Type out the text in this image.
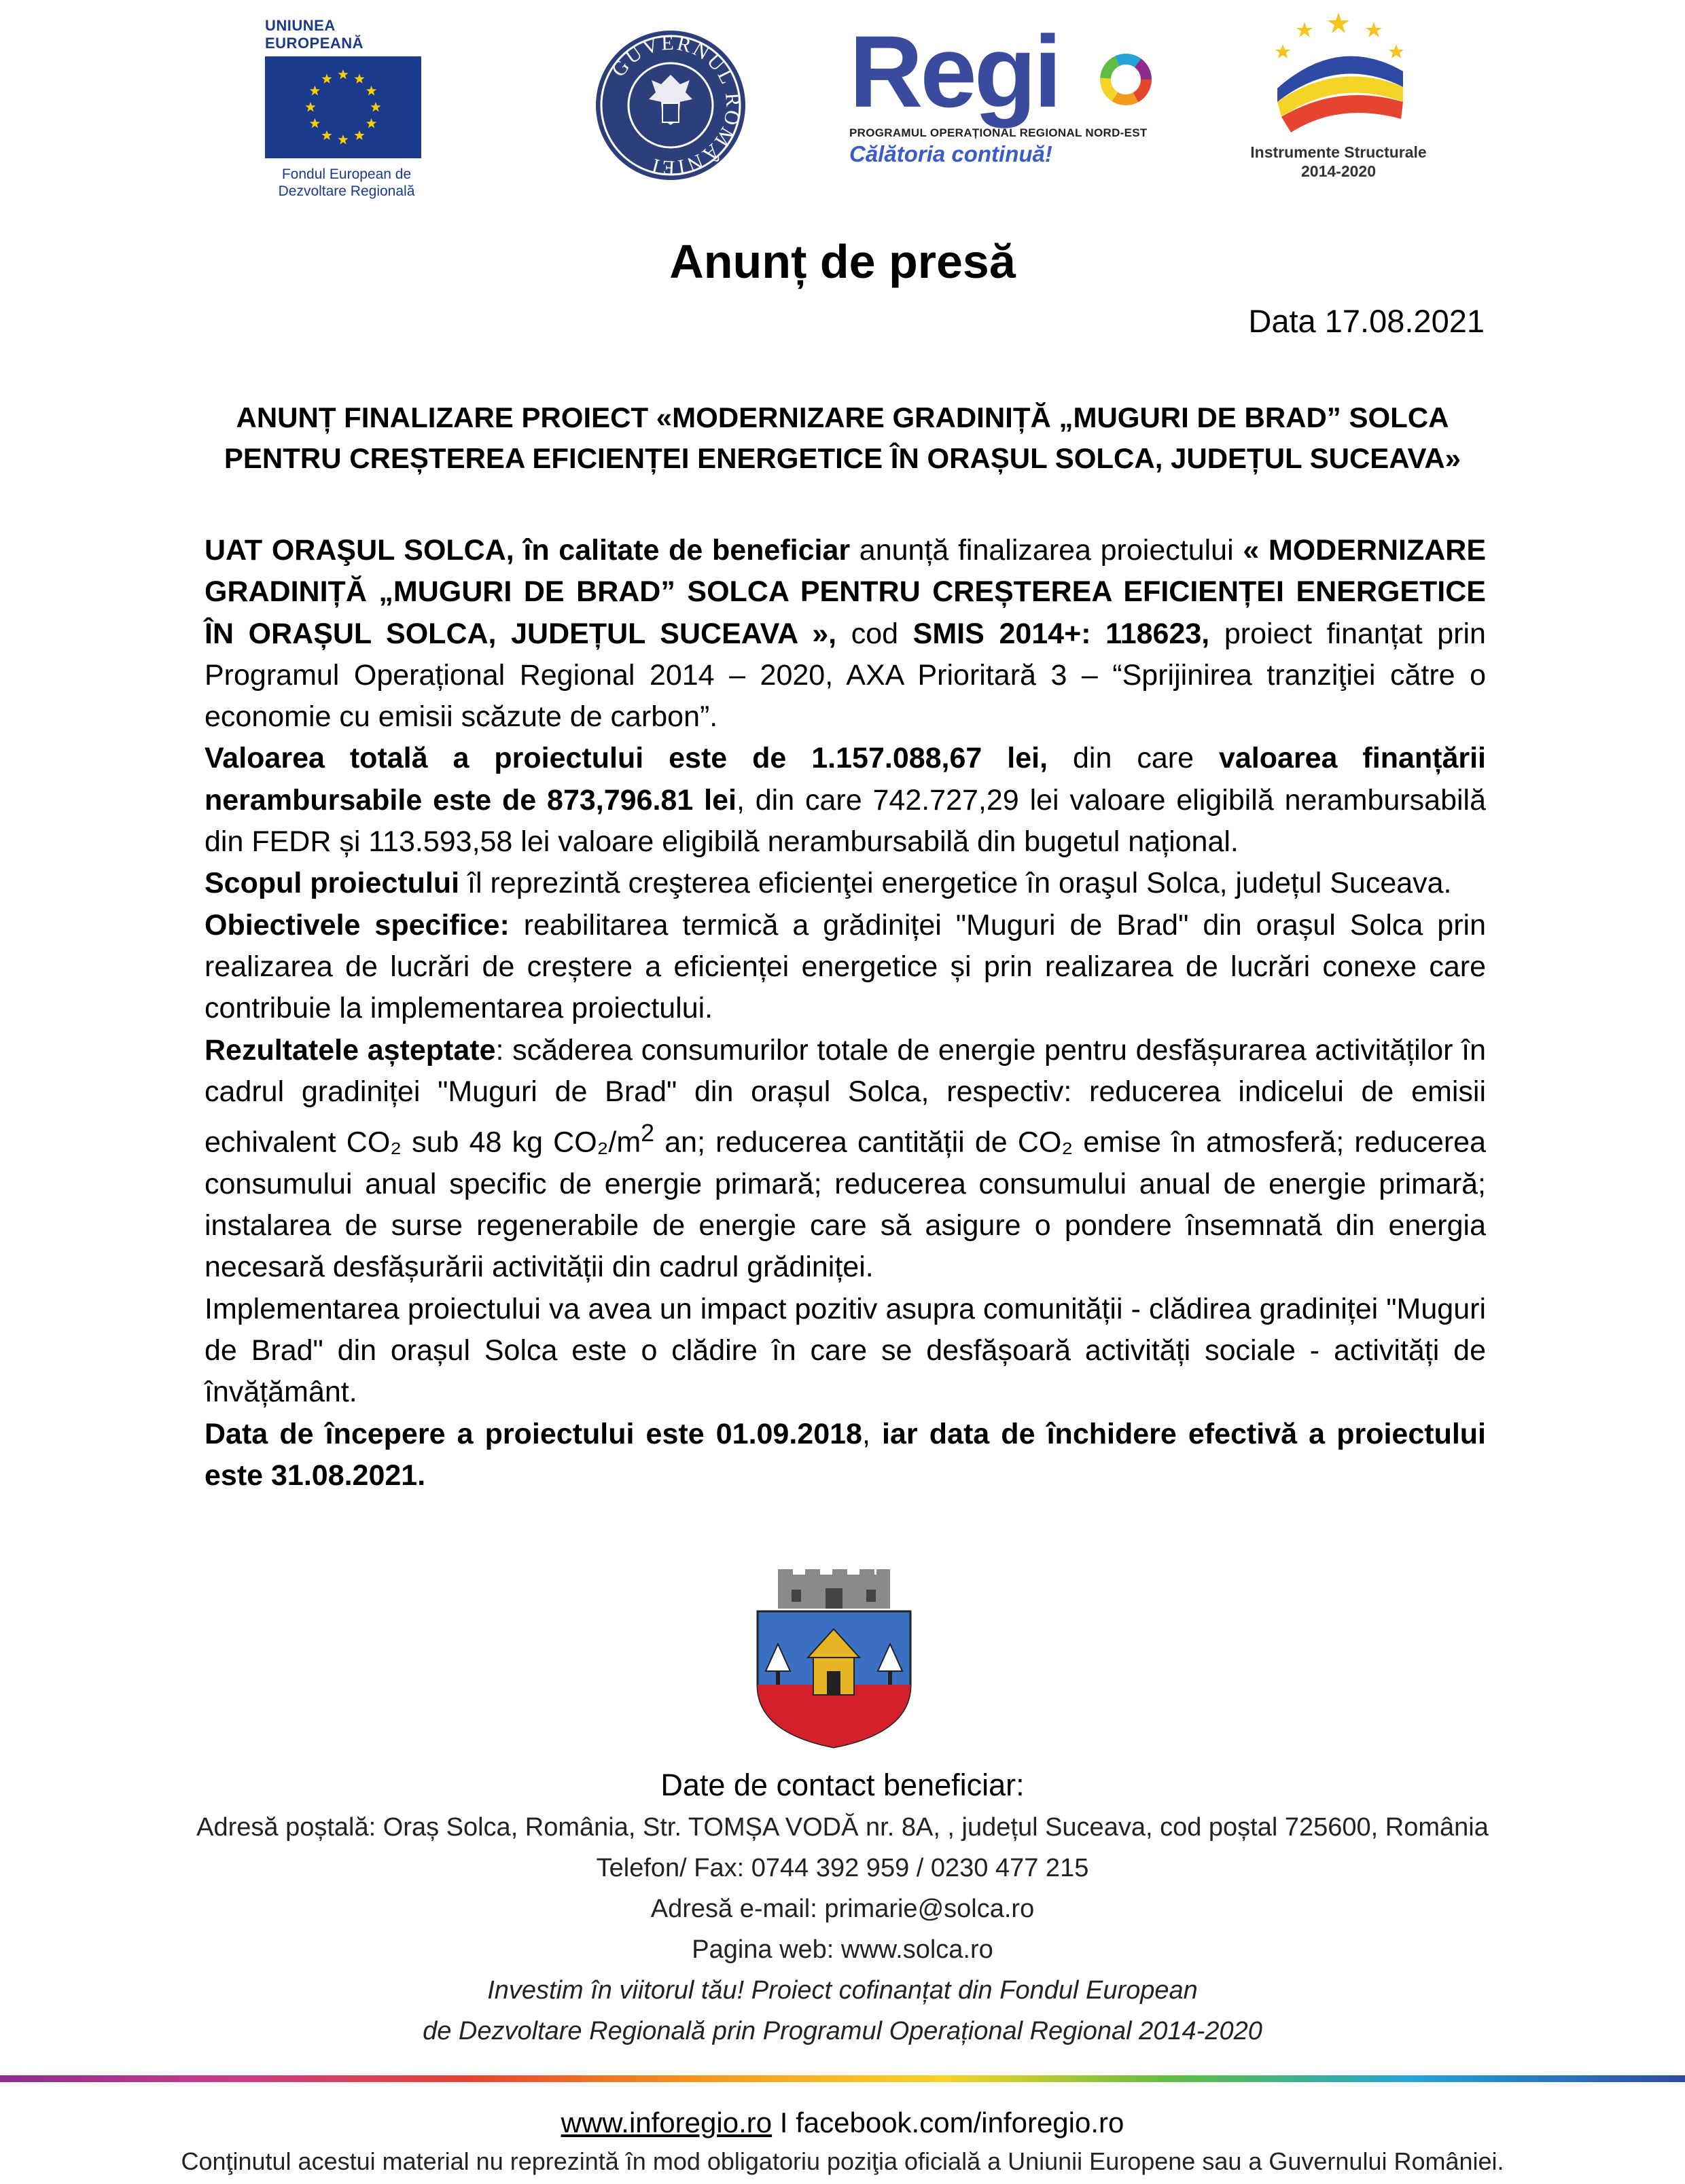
UNIUNEA EUROPEANĂ
Fondul European de
Dezvoltare Regională
GUVERNUL ROMÂNIEI
Regi
PROGRAMUL OPERAȚIONAL REGIONAL NORD-EST
Călătoria continuă!	Instrumente Structurale
2014-2020
Anunț de presă
Data 17.08.2021
ANUNȚ FINALIZARE PROIECT «MODERNIZARE GRADINIȚĂ „MUGURI DE BRAD” SOLCA
PENTRU CREȘTEREA EFICIENȚEI ENERGETICE ÎN ORAȘUL SOLCA, JUDEȚUL SUCEAVA»

UAT ORAŞUL SOLCA, în calitate de beneficiar anunță finalizarea proiectului « MODERNIZARE GRADINIȚĂ „MUGURI DE BRAD” SOLCA PENTRU CREȘTEREA EFICIENȚEI ENERGETICE ÎN ORAȘUL SOLCA, JUDEȚUL SUCEAVA », cod SMIS 2014+: 118623, proiect finanțat prin Programul Operațional Regional 2014 – 2020, AXA Prioritară 3 – “Sprijinirea tranziţiei către o economie cu emisii scăzute de carbon”.

Valoarea totală a proiectului este de 1.157.088,67 lei, din care valoarea finanțării nerambursabile este de 873,796.81 lei, din care 742.727,29 lei valoare eligibilă nerambursabilă din FEDR și 113.593,58 lei valoare eligibilă nerambursabilă din bugetul național.

Scopul proiectului îl reprezintă creşterea eficienţei energetice în oraşul Solca, județul Suceava.

Obiectivele specifice: reabilitarea termică a grădiniței "Muguri de Brad" din orașul Solca prin realizarea de lucrări de creștere a eficienței energetice și prin realizarea de lucrări conexe care contribuie la implementarea proiectului.

Rezultatele așteptate: scăderea consumurilor totale de energie pentru desfășurarea activităților în cadrul gradiniței "Muguri de Brad" din orașul Solca, respectiv: reducerea indicelui de emisii echivalent CO₂ sub 48 kg CO₂/$m^2$ an; reducerea cantității de CO₂ emise în atmosferă; reducerea consumului anual specific de energie primară; reducerea consumului anual de energie primară; instalarea de surse regenerabile de energie care să asigure o pondere însemnată din energia necesară desfășurării activității din cadrul grădiniței.

Implementarea proiectului va avea un impact pozitiv asupra comunității - clădirea gradiniței "Muguri de Brad" din orașul Solca este o clădire în care se desfășoară activități sociale - activități de învățământ.

Data de începere a proiectului este 01.09.2018, iar data de închidere efectivă a proiectului este 31.08.2021.

Date de contact beneficiar:
Adresă poștală: Oraș Solca, România, Str. TOMȘA VODĂ nr. 8A, , județul Suceava, cod poștal 725600, România
Telefon/ Fax: 0744 392 959 / 0230 477 215
Adresă e-mail: primarie@solca.ro
Pagina web: www.solca.ro
Investim în viitorul tău! Proiect cofinanțat din Fondul European
de Dezvoltare Regională prin Programul Operațional Regional 2014-2020
www.inforegio.ro I facebook.com/inforegio.ro
Conţinutul acestui material nu reprezintă în mod obligatoriu poziţia oficială a Uniunii Europene sau a Guvernului României.
